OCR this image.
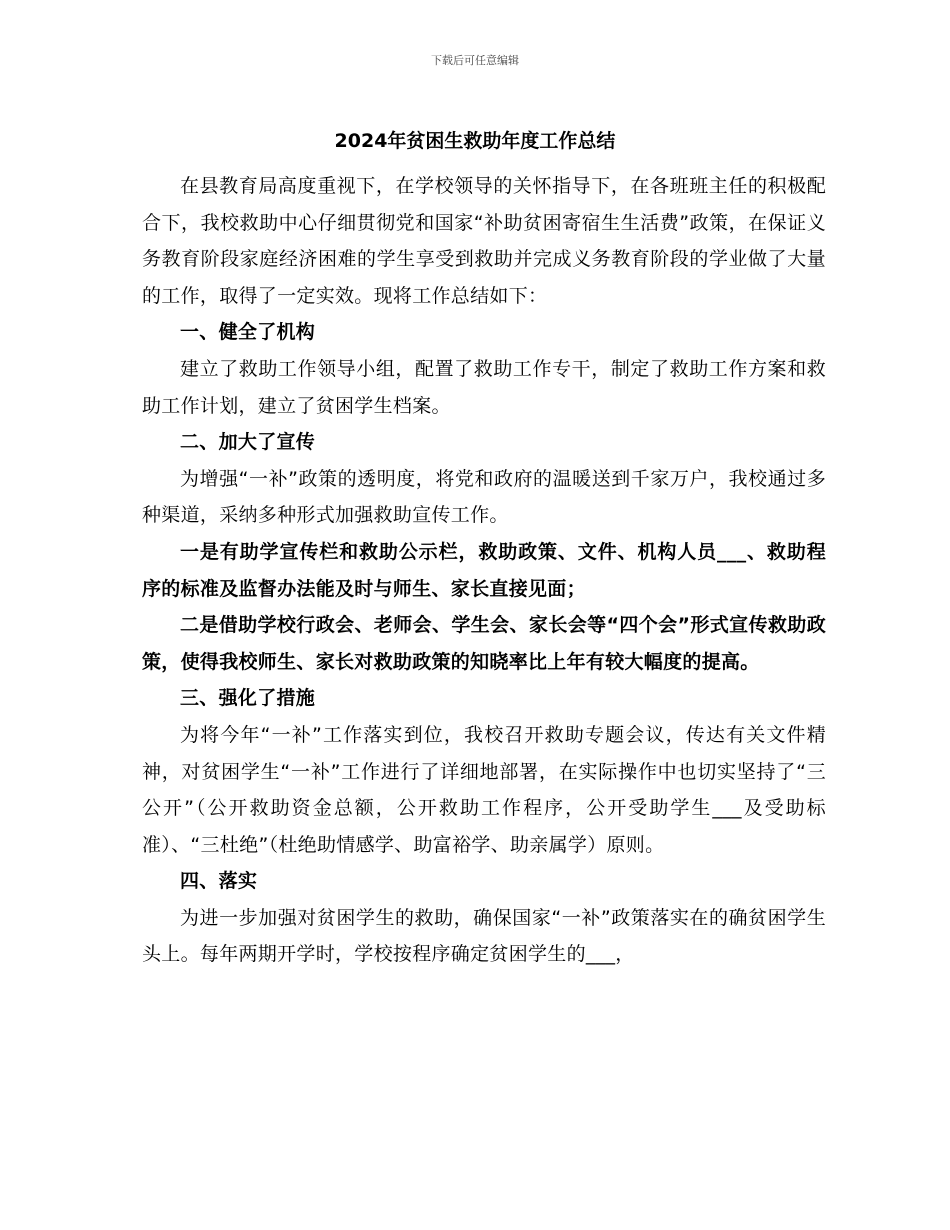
下载后可任意编辑
2024年贫困生救助年度工作总结

在县教育局高度重视下，在学校领导的关怀指导下，在各班班主任的积极配合下，我校救助中心仔细贯彻党和国家“补助贫困寄宿生生活费”政策，在保证义务教育阶段家庭经济困难的学生享受到救助并完成义务教育阶段的学业做了大量的工作，取得了一定实效。现将工作总结如下：

一、健全了机构

建立了救助工作领导小组，配置了救助工作专干，制定了救助工作方案和救助工作计划，建立了贫困学生档案。

二、加大了宣传

为增强“一补”政策的透明度，将党和政府的温暖送到千家万户，我校通过多种渠道，采纳多种形式加强救助宣传工作。

一是有助学宣传栏和救助公示栏，救助政策、文件、机构人员___、救助程序的标准及监督办法能及时与师生、家长直接见面；

二是借助学校行政会、老师会、学生会、家长会等“四个会”形式宣传救助政策，使得我校师生、家长对救助政策的知晓率比上年有较大幅度的提高。

三、强化了措施

为将今年“一补”工作落实到位，我校召开救助专题会议，传达有关文件精神，对贫困学生“一补”工作进行了详细地部署，在实际操作中也切实坚持了“三公开”（公开救助资金总额，公开救助工作程序，公开受助学生___及受助标准）、“三杜绝”（杜绝助情感学、助富裕学、助亲属学）原则。

四、落实

为进一步加强对贫困学生的救助，确保国家“一补”政策落实在的确贫困学生头上。每年两期开学时，学校按程序确定贫困学生的___，
